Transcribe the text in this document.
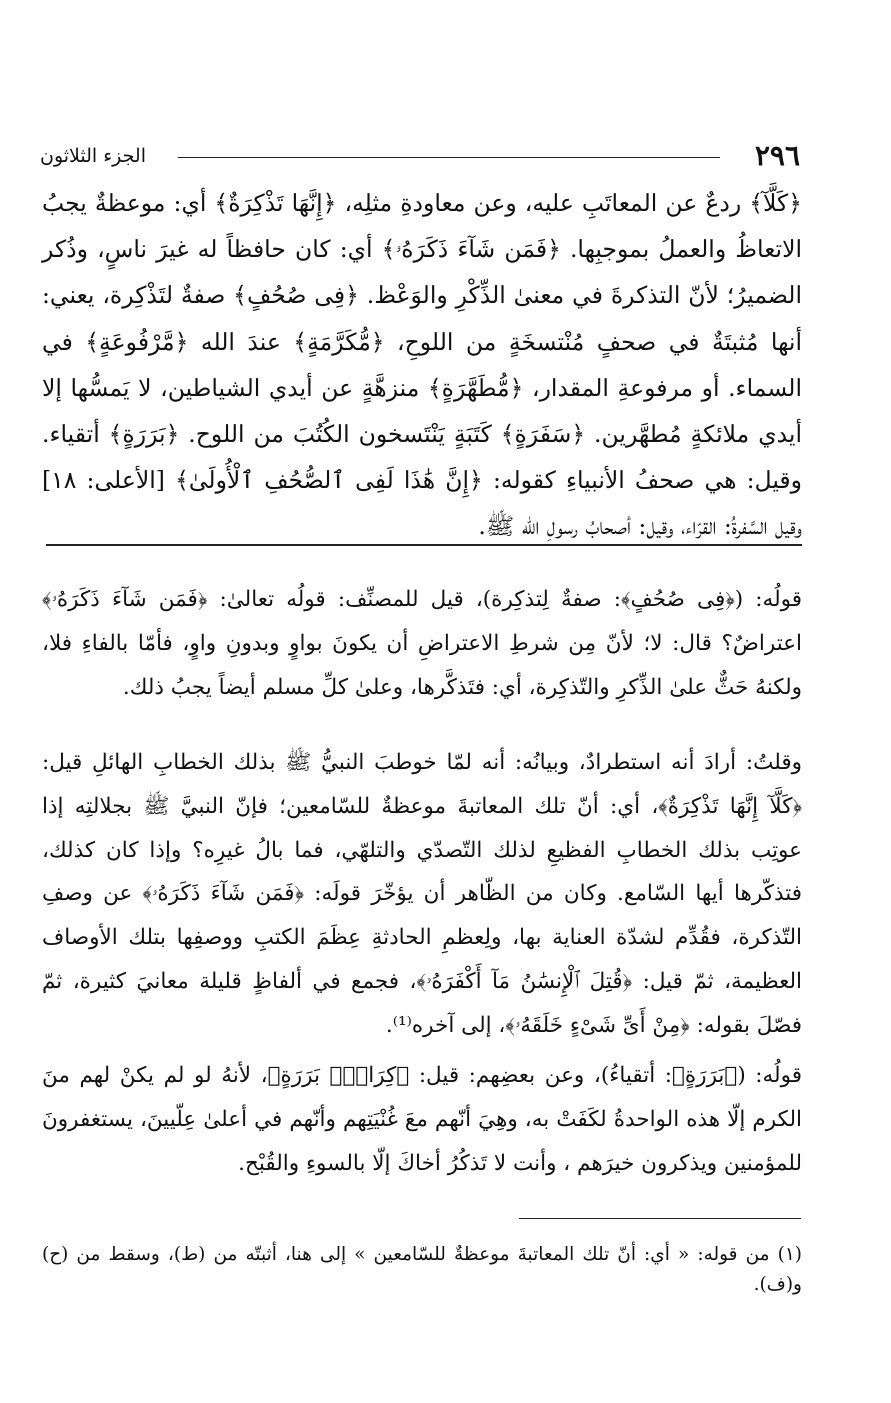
٢٩٦
الجزء الثلاثون

﴿كَلَّآ﴾ ردعٌ عن المعاتَبِ عليه، وعن معاودةِ مثلِه، ﴿إِنَّهَا تَذْكِرَةٌ﴾ أي: موعظةٌ يجبُ الاتعاظُ والعملُ بموجبِها. ﴿فَمَن شَآءَ ذَكَرَهُۥ﴾ أي: كان حافظاً له غيرَ ناسٍ، وذُكر الضميرُ؛ لأنّ التذكرةَ في معنىٰ الذِّكْرِ والوَعْظ. ﴿فِى صُحُفٍ﴾ صفةٌ لتَذْكِرة، يعني: أنها مُثبتَةٌ في صحفٍ مُنْتسخَةٍ من اللوحِ، ﴿مُّكَرَّمَةٍ﴾ عندَ الله ﴿مَّرْفُوعَةٍ﴾ في السماء. أو مرفوعةِ المقدار، ﴿مُّطَهَّرَةٍ﴾ منزهَّةٍ عن أيدي الشياطين، لا يَمسُّها إلا أيدي ملائكةٍ مُطهَّرين. ﴿سَفَرَةٍ﴾ كَتَبَةٍ يَنْتَسخون الكُتُبَ من اللوح. ﴿بَرَرَةٍ﴾ أتقياء. وقيل: هي صحفُ الأنبياءِ كقوله: ﴿إِنَّ هَٰذَا لَفِى ٱلصُّحُفِ ٱلْأُولَىٰ﴾ [الأعلى: ١٨] وقيل السَّفرةُ: القرّاء، وقيل: أصحابُ رسولِ الله ﷺ.

قولُه: (﴿فِى صُحُفٍ﴾: صفةٌ لِتذكِرة)، قيل للمصنِّف: قولُه تعالىٰ: ﴿فَمَن شَآءَ ذَكَرَهُۥ﴾ اعتراضٌ؟ قال: لا؛ لأنّ مِن شرطِ الاعتراضِ أن يكونَ بواوٍ وبدونِ واوٍ، فأمّا بالفاءِ فلا، ولكنهُ حَثٌّ علىٰ الذِّكرِ والتّذكِرة، أي: فتَذكَّرها، وعلىٰ كلِّ مسلم أيضاً يجبُ ذلك.

وقلتُ: أرادَ أنه استطرادٌ، وبيانُه: أنه لمّا خوطبَ النبيُّ ﷺ بذلك الخطابِ الهائلِ قيل: ﴿كَلَّآ إِنَّهَا تَذْكِرَةٌ﴾، أي: أنّ تلك المعاتبةَ موعظةٌ للسّامعين؛ فإنّ النبيَّ ﷺ بجلالتِه إذا عوتِب بذلك الخطابِ الفظيعِ لذلك التّصدّي والتلهّي، فما بالُ غيرِه؟ وإذا كان كذلك، فتذكّرها أيها السّامع. وكان من الظّاهر أن يؤخّرَ قولَه: ﴿فَمَن شَآءَ ذَكَرَهُۥ﴾ عن وصفِ التّذكرة، فقُدِّم لشدّة العناية بها، ولِعظمِ الحادثةِ عِظَمَ الكتبِ ووصفِها بتلك الأوصاف العظيمة، ثمّ قيل: ﴿قُتِلَ ٱلْإِنسَٰنُ مَآ أَكْفَرَهُۥ﴾، فجمع في ألفاظٍ قليلة معانيَ كثيرة، ثمّ فصّلَ بقوله: ﴿مِنْ أَىِّ شَىْءٍ خَلَقَهُۥ﴾، إلى آخره⁽¹⁾.

قولُه: (﴿بَرَرَةٍ﴾: أتقياءُ)، وعن بعضِهم: قيل: ﴿كِرَامٍۭ بَرَرَةٍ﴾، لأنهُ لو لم يكنْ لهم منَ الكرم إلّا هذه الواحدةُ لكَفَتْ به، وهِيَ أنّهم معَ غُنْيَتِهم وأنّهم في أعلىٰ عِلّيينَ، يستغفرونَ للمؤمنين ويذكرون خيرَهم ، وأنت لا تَذكُرُ أخاكَ إلّا بالسوءِ والقُبْح.

(١) من قوله: « أي: أنّ تلك المعاتبةَ موعظةٌ للسّامعين » إلى هنا، أثبتّه من (ط)، وسقط من (ح) و(ف).
